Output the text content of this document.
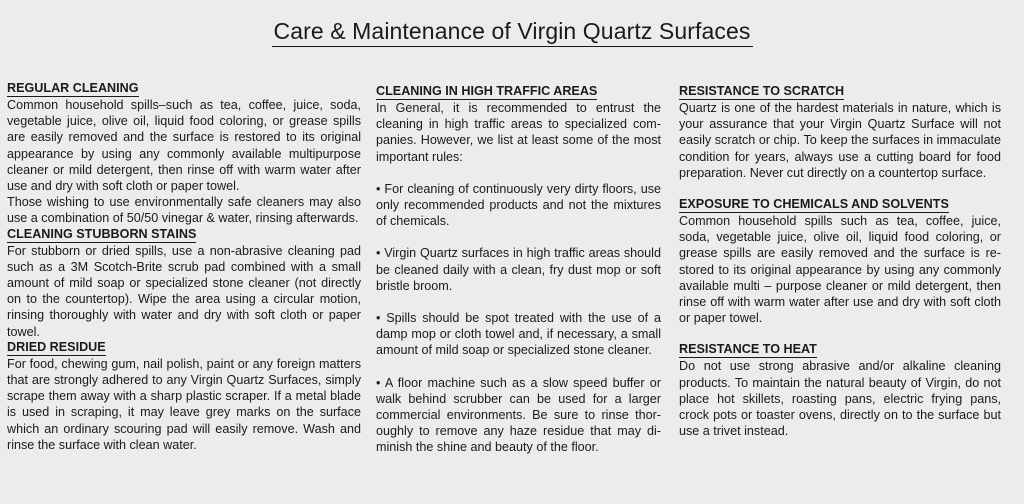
Care & Maintenance of Virgin Quartz Surfaces
REGULAR CLEANING

Common household spills–such as tea, coffee, juice, soda, vegetable juice, olive oil, liquid food coloring, or grease spills are easily removed and the surface is restored to its original appearance by using any commonly available multipurpose cleaner or mild detergent, then rinse off with warm water after use and dry with soft cloth or paper towel.

Those wishing to use environmentally safe cleaners may also use a combination of 50/50 vinegar & water, rinsing afterwards.

CLEANING STUBBORN STAINS

For stubborn or dried spills, use a non-abrasive cleaning pad such as a 3M Scotch-Brite scrub pad combined with a small amount of mild soap or specialized stone cleaner (not directly on to the countertop). Wipe the area using a circular motion, rinsing thoroughly with water and dry with soft cloth or paper towel.

DRIED RESIDUE

For food, chewing gum, nail polish, paint or any foreign matters that are strongly adhered to any Virgin Quartz Surfaces, simply scrape them away with a sharp plastic scraper. If a metal blade is used in scraping, it may leave grey marks on the surface which an ordinary scouring pad will easily remove. Wash and rinse the surface with clean water.

CLEANING IN HIGH TRAFFIC AREAS

In General, it is recommended to entrust the cleaning in high traffic areas to specialized companies. However, we list at least some of the most important rules:

• For cleaning of continuously very dirty floors, use only recommended products and not the mixtures of chemicals.

• Virgin Quartz surfaces in high traffic areas should be cleaned daily with a clean, fry dust mop or soft bristle broom.

• Spills should be spot treated with the use of a damp mop or cloth towel and, if necessary, a small amount of mild soap or specialized stone cleaner.

• A floor machine such as a slow speed buffer or walk behind scrubber can be used for a larger commercial environments. Be sure to rinse thoroughly to remove any haze residue that may diminish the shine and beauty of the floor.

RESISTANCE TO SCRATCH

Quartz is one of the hardest materials in nature, which is your assurance that your Virgin Quartz Surface will not easily scratch or chip. To keep the surfaces in immaculate condition for years, always use a cutting board for food preparation. Never cut directly on a countertop surface.

EXPOSURE TO CHEMICALS AND SOLVENTS

Common household spills such as tea, coffee, juice, soda, vegetable juice, olive oil, liquid food coloring, or grease spills are easily removed and the surface is restored to its original appearance by using any commonly available multi – purpose cleaner or mild detergent, then rinse off with warm water after use and dry with soft cloth or paper towel.

RESISTANCE TO HEAT

Do not use strong abrasive and/or alkaline cleaning products. To maintain the natural beauty of Virgin, do not place hot skillets, roasting pans, electric frying pans, crock pots or toaster ovens, directly on to the surface but use a trivet instead.
